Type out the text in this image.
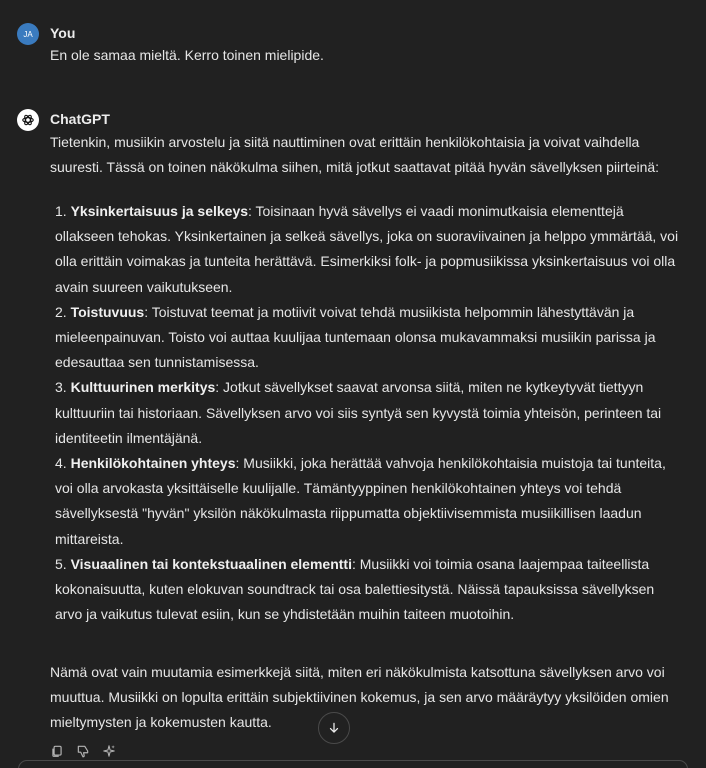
JA	You
En ole samaa mieltä. Kerro toinen mielipide.
ChatGPT
Tietenkin, musiikin arvostelu ja siitä nauttiminen ovat erittäin henkilökohtaisia ja voivat vaihdella suuresti. Tässä on toinen näkökulma siihen, mitä jotkut saattavat pitää hyvän sävellyksen piirteinä:
1. Yksinkertaisuus ja selkeys: Toisinaan hyvä sävellys ei vaadi monimutkaisia elementtejä ollakseen tehokas. Yksinkertainen ja selkeä sävellys, joka on suoraviivainen ja helppo ymmärtää, voi olla erittäin voimakas ja tunteita herättävä. Esimerkiksi folk- ja popmusiikissa yksinkertaisuus voi olla avain suureen vaikutukseen.
2. Toistuvuus: Toistuvat teemat ja motiivit voivat tehdä musiikista helpommin lähestyttävän ja mieleenpainuvan. Toisto voi auttaa kuulijaa tuntemaan olonsa mukavammaksi musiikin parissa ja edesauttaa sen tunnistamisessa.
3. Kulttuurinen merkitys: Jotkut sävellykset saavat arvonsa siitä, miten ne kytkeytyvät tiettyyn kulttuuriin tai historiaan. Sävellyksen arvo voi siis syntyä sen kyvystä toimia yhteisön, perinteen tai identiteetin ilmentäjänä.
4. Henkilökohtainen yhteys: Musiikki, joka herättää vahvoja henkilökohtaisia muistoja tai tunteita, voi olla arvokasta yksittäiselle kuulijalle. Tämäntyyppinen henkilökohtainen yhteys voi tehdä sävellyksestä "hyvän" yksilön näkökulmasta riippumatta objektiivisemmista musiikillisen laadun mittareista.
5. Visuaalinen tai kontekstuaalinen elementti: Musiikki voi toimia osana laajempaa taiteellista kokonaisuutta, kuten elokuvan soundtrack tai osa balettiesitystä. Näissä tapauksissa sävellyksen arvo ja vaikutus tulevat esiin, kun se yhdistetään muihin taiteen muotoihin.
Nämä ovat vain muutamia esimerkkejä siitä, miten eri näkökulmista katsottuna sävellyksen arvo voi muuttua. Musiikki on lopulta erittäin subjektiivinen kokemus, ja sen arvo määräytyy yksilöiden omien mieltymysten ja kokemusten kautta.
